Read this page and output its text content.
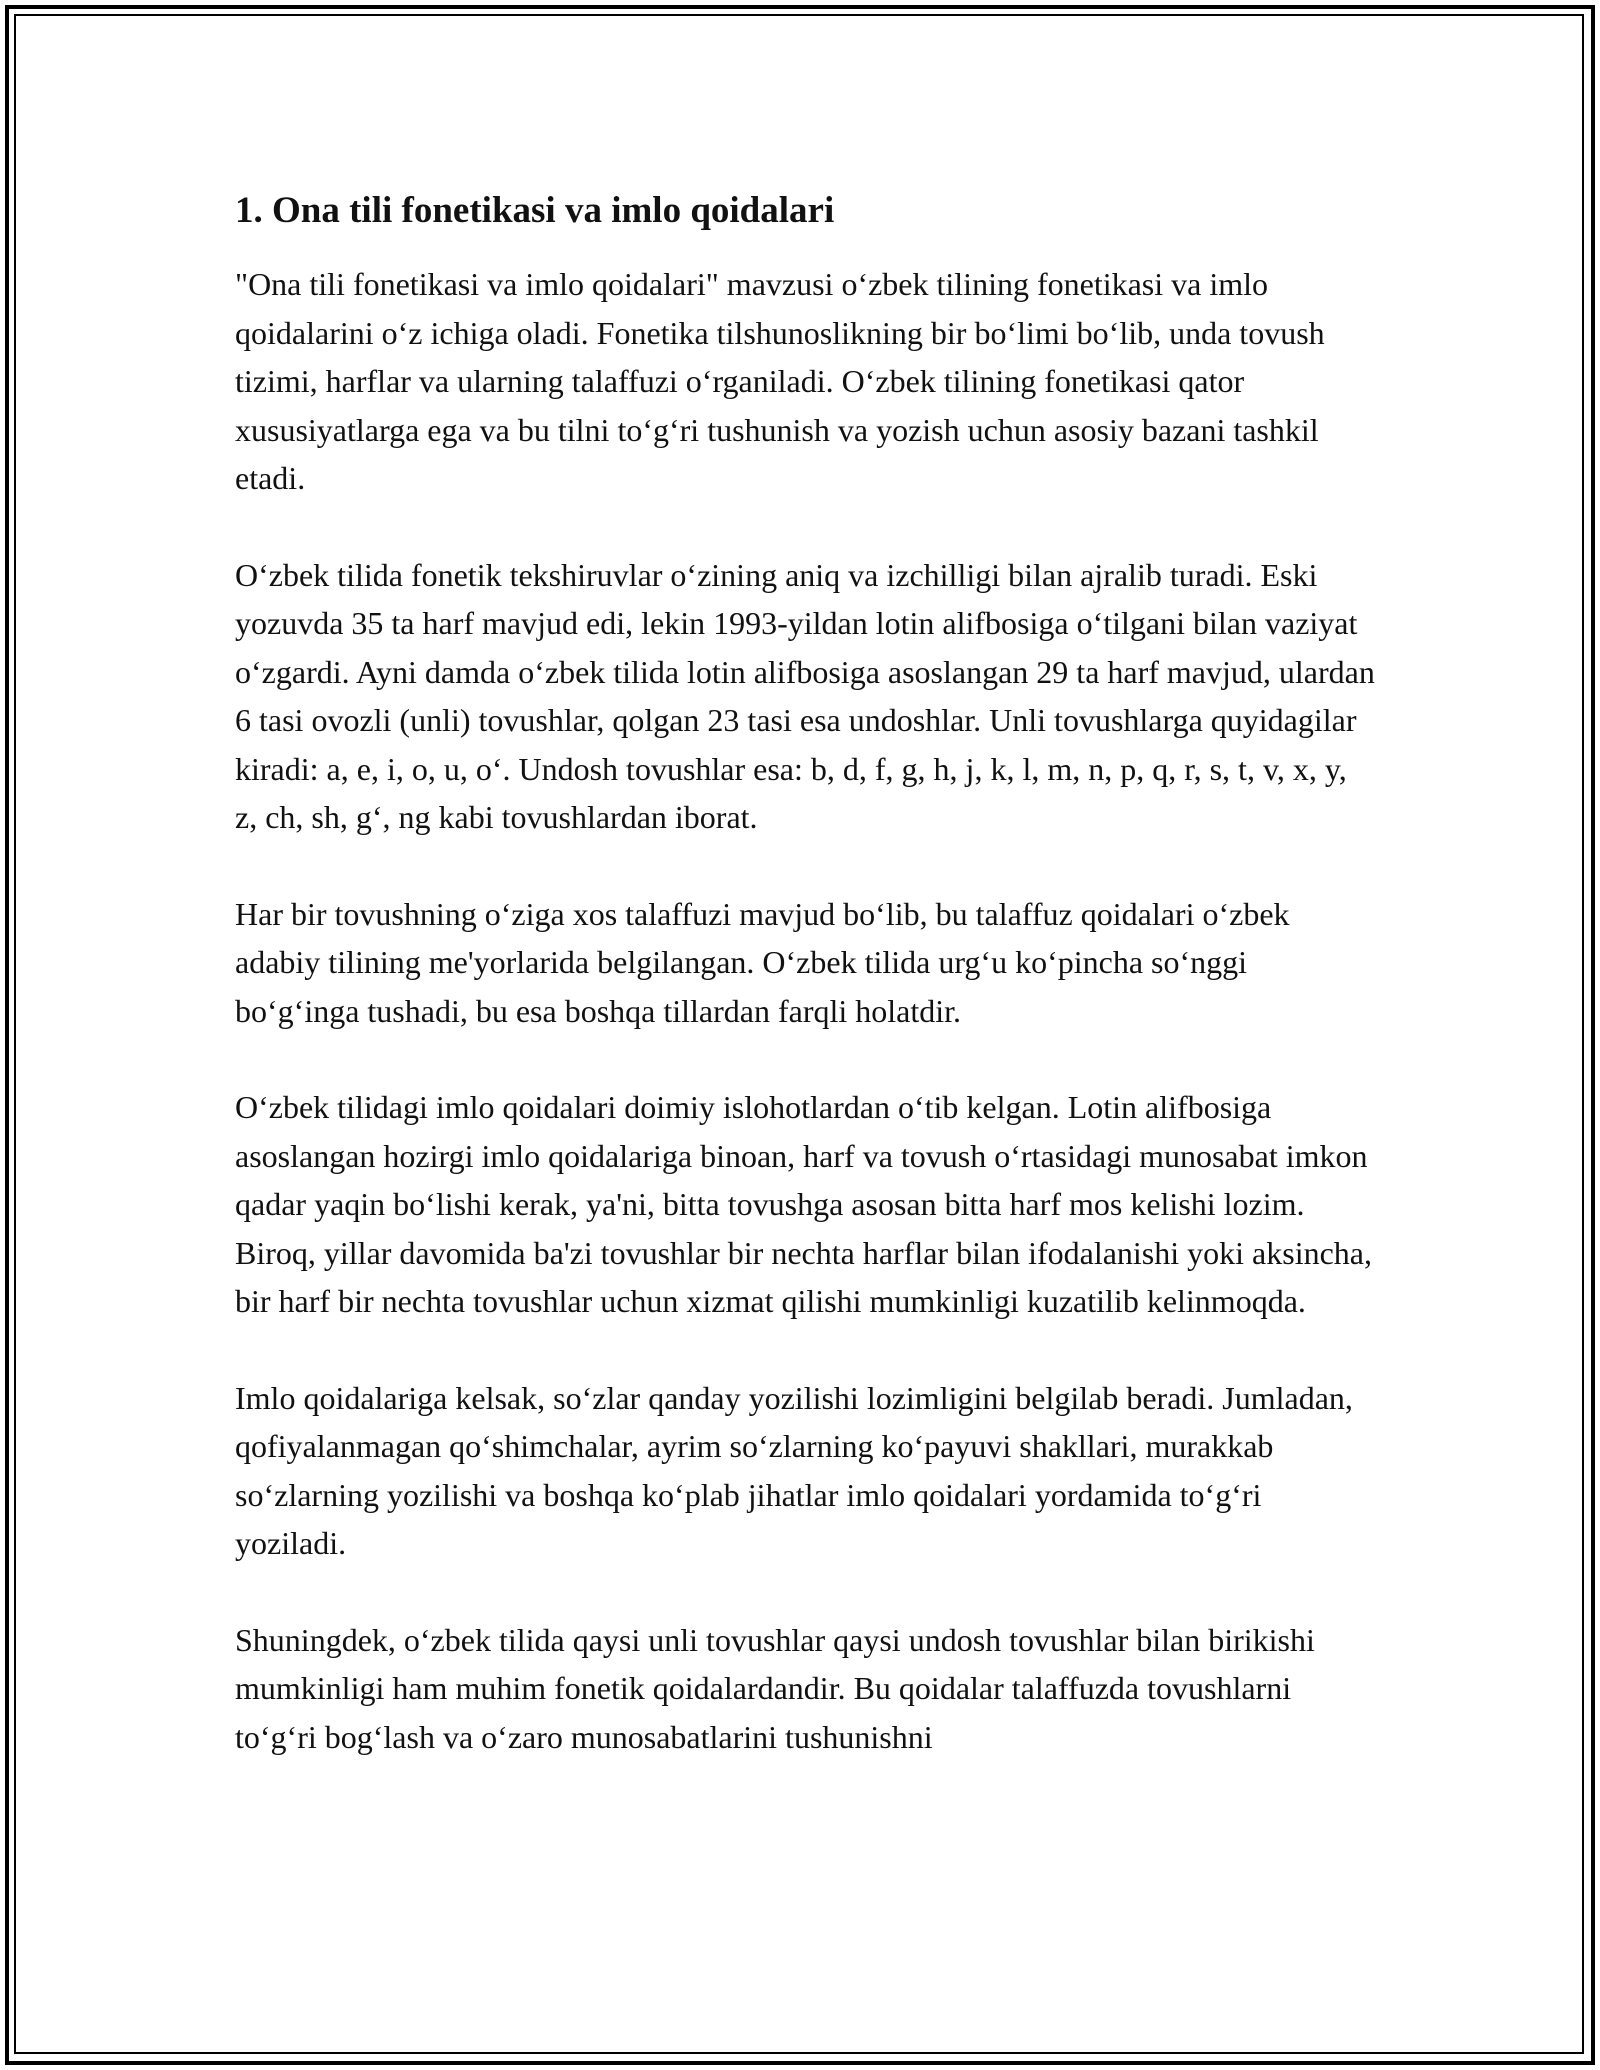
1. Ona tili fonetikasi va imlo qoidalari

"Ona tili fonetikasi va imlo qoidalari" mavzusi oʻzbek tilining fonetikasi va imlo qoidalarini oʻz ichiga oladi. Fonetika tilshunoslikning bir boʻlimi boʻlib, unda tovush tizimi, harflar va ularning talaffuzi oʻrganiladi. Oʻzbek tilining fonetikasi qator xususiyatlarga ega va bu tilni toʻgʻri tushunish va yozish uchun asosiy bazani tashkil etadi.

Oʻzbek tilida fonetik tekshiruvlar oʻzining aniq va izchilligi bilan ajralib turadi. Eski yozuvda 35 ta harf mavjud edi, lekin 1993-yildan lotin alifbosiga oʻtilgani bilan vaziyat oʻzgardi. Ayni damda oʻzbek tilida lotin alifbosiga asoslangan 29 ta harf mavjud, ulardan 6 tasi ovozli (unli) tovushlar, qolgan 23 tasi esa undoshlar. Unli tovushlarga quyidagilar kiradi: a, e, i, o, u, oʻ. Undosh tovushlar esa: b, d, f, g, h, j, k, l, m, n, p, q, r, s, t, v, x, y, z, ch, sh, gʻ, ng kabi tovushlardan iborat.

Har bir tovushning oʻziga xos talaffuzi mavjud boʻlib, bu talaffuz qoidalari oʻzbek adabiy tilining me'yorlarida belgilangan. Oʻzbek tilida urgʻu koʻpincha soʻnggi boʻgʻinga tushadi, bu esa boshqa tillardan farqli holatdir.

Oʻzbek tilidagi imlo qoidalari doimiy islohotlardan oʻtib kelgan. Lotin alifbosiga asoslangan hozirgi imlo qoidalariga binoan, harf va tovush oʻrtasidagi munosabat imkon qadar yaqin boʻlishi kerak, ya'ni, bitta tovushga asosan bitta harf mos kelishi lozim. Biroq, yillar davomida ba'zi tovushlar bir nechta harflar bilan ifodalanishi yoki aksincha, bir harf bir nechta tovushlar uchun xizmat qilishi mumkinligi kuzatilib kelinmoqda.

Imlo qoidalariga kelsak, soʻzlar qanday yozilishi lozimligini belgilab beradi. Jumladan, qofiyalanmagan qoʻshimchalar, ayrim soʻzlarning koʻpayuvi shakllari, murakkab soʻzlarning yozilishi va boshqa koʻplab jihatlar imlo qoidalari yordamida toʻgʻri yoziladi.

Shuningdek, oʻzbek tilida qaysi unli tovushlar qaysi undosh tovushlar bilan birikishi mumkinligi ham muhim fonetik qoidalardandir. Bu qoidalar talaffuzda tovushlarni toʻgʻri bogʻlash va oʻzaro munosabatlarini tushunishni
